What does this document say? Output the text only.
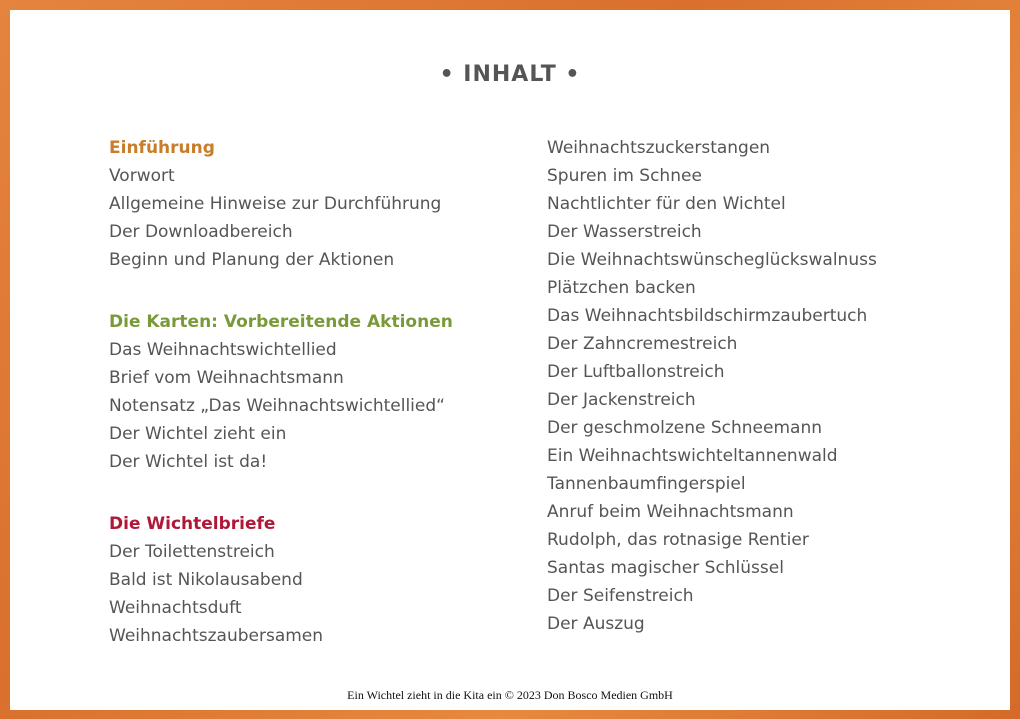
• INHALT •
Einführung
Vorwort
Allgemeine Hinweise zur Durchführung
Der Downloadbereich
Beginn und Planung der Aktionen
Die Karten: Vorbereitende Aktionen
Das Weihnachtswichtellied
Brief vom Weihnachtsmann
Notensatz „Das Weihnachtswichtellied“
Der Wichtel zieht ein
Der Wichtel ist da!
Die Wichtelbriefe
Der Toilettenstreich
Bald ist Nikolausabend
Weihnachtsduft
Weihnachtszaubersamen
Weihnachtszuckerstangen
Spuren im Schnee
Nachtlichter für den Wichtel
Der Wasserstreich
Die Weihnachtswünscheglückswalnuss
Plätzchen backen
Das Weihnachtsbildschirmzaubertuch
Der Zahncremestreich
Der Luftballonstreich
Der Jackenstreich
Der geschmolzene Schneemann
Ein Weihnachtswichteltannenwald
Tannenbaumfingerspiel
Anruf beim Weihnachtsmann
Rudolph, das rotnasige Rentier
Santas magischer Schlüssel
Der Seifenstreich
Der Auszug
Ein Wichtel zieht in die Kita ein © 2023 Don Bosco Medien GmbH
